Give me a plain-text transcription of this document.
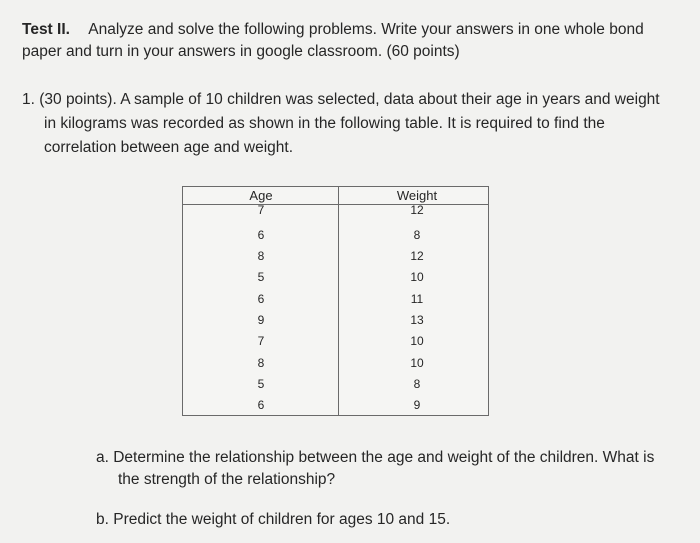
Test II. Analyze and solve the following problems. Write your answers in one whole bond
paper and turn in your answers in google classroom. (60 points)
1. (30 points). A sample of 10 children was selected, data about their age in years and weight
in kilograms was recorded as shown in the following table. It is required to find the
correlation between age and weight.
Age	Weight
7	12
6	8
8	12
5	10
6	11
9	13
7	10
8	10
5	8
6	9
a. Determine the relationship between the age and weight of the children. What is
the strength of the relationship?
b. Predict the weight of children for ages 10 and 15.
